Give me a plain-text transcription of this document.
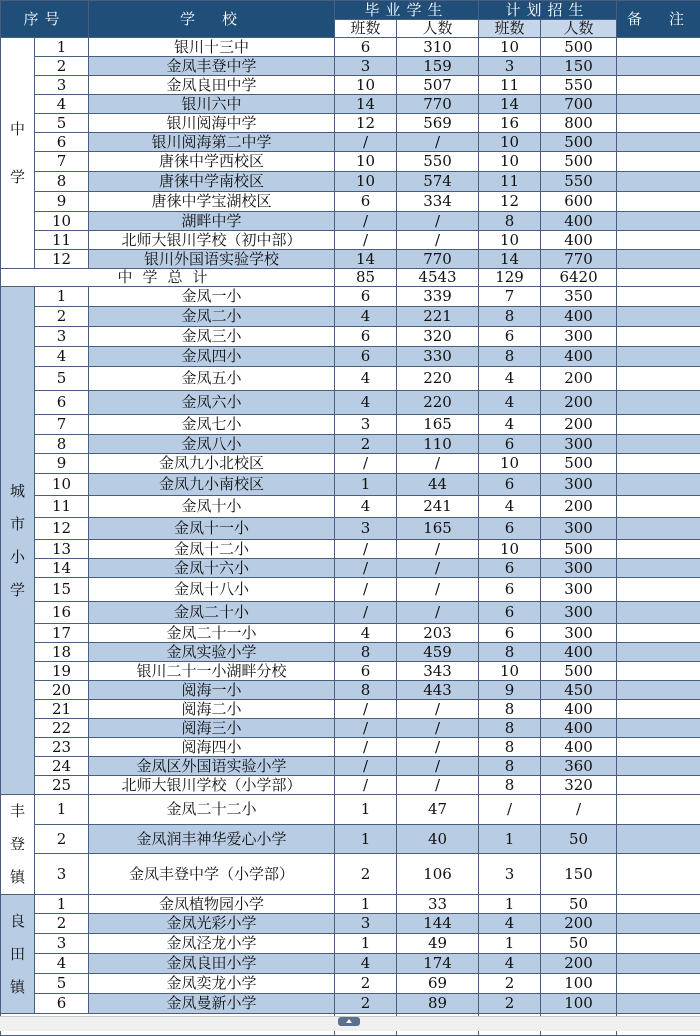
序号		学　校	毕业学生		计划招生		备　注
			班数	人数	班数	人数	
中学	1	银川十三中	6	310	10	500	
	2	金凤丰登中学	3	159	3	150	
	3	金凤良田中学	10	507	11	550	
	4	银川六中	14	770	14	700	
	5	银川阅海中学	12	569	16	800	
	6	银川阅海第二中学	/	/	10	500	
	7	唐徕中学西校区	10	550	10	500	
	8	唐徕中学南校区	10	574	11	550	
	9	唐徕中学宝湖校区	6	334	12	600	
	10	湖畔中学	/	/	8	400	
	11	北师大银川学校（初中部）	/	/	10	400	
	12	银川外国语实验学校	14	770	14	770	
中学总计			85	4543	129	6420	
城市小学	1	金凤一小	6	339	7	350	
	2	金凤二小	4	221	8	400	
	3	金凤三小	6	320	6	300	
	4	金凤四小	6	330	8	400	
	5	金凤五小	4	220	4	200	
	6	金凤六小	4	220	4	200	
	7	金凤七小	3	165	4	200	
	8	金凤八小	2	110	6	300	
	9	金凤九小北校区	/	/	10	500	
	10	金凤九小南校区	1	44	6	300	
	11	金凤十小	4	241	4	200	
	12	金凤十一小	3	165	6	300	
	13	金凤十二小	/	/	10	500	
	14	金凤十六小	/	/	6	300	
	15	金凤十八小	/	/	6	300	
	16	金凤二十小	/	/	6	300	
	17	金凤二十一小	4	203	6	300	
	18	金凤实验小学	8	459	8	400	
	19	银川二十一小湖畔分校	6	343	10	500	
	20	阅海一小	8	443	9	450	
	21	阅海二小	/	/	8	400	
	22	阅海三小	/	/	8	400	
	23	阅海四小	/	/	8	400	
	24	金凤区外国语实验小学	/	/	8	360	
	25	北师大银川学校（小学部）	/	/	8	320	
丰登镇	1	金凤二十二小	1	47	/	/	
	2	金凤润丰神华爱心小学	1	40	1	50	
	3	金凤丰登中学（小学部）	2	106	3	150	
良田镇	1	金凤植物园小学	1	33	1	50	
	2	金凤光彩小学	3	144	4	200	
	3	金凤泾龙小学	1	49	1	50	
	4	金凤良田小学	4	174	4	200	
	5	金凤奕龙小学	2	69	2	100	
	6	金凤曼新小学	2	89	2	100	
